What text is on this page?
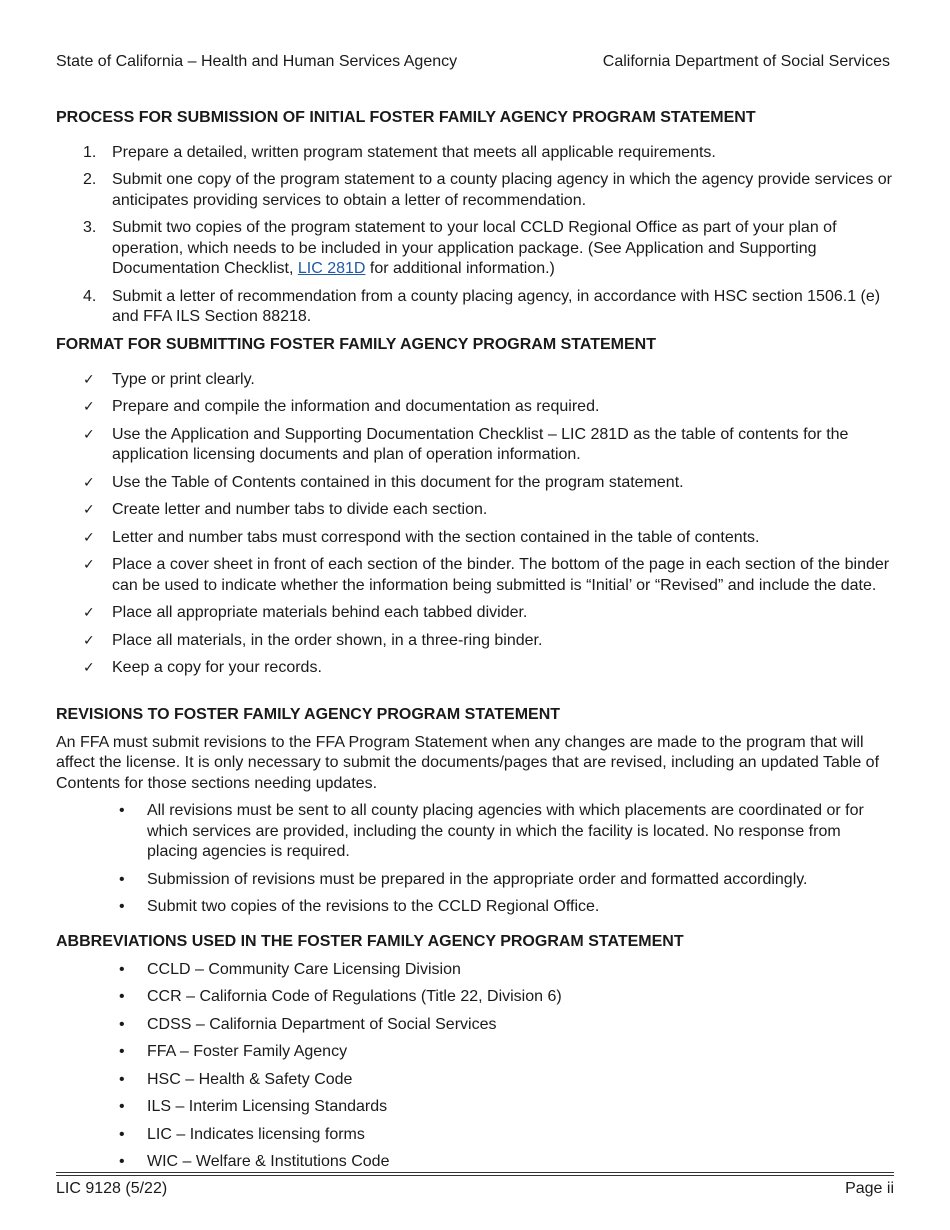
State of California – Health and Human Services Agency	California Department of Social Services
PROCESS FOR SUBMISSION OF INITIAL FOSTER FAMILY AGENCY PROGRAM STATEMENT
1. Prepare a detailed, written program statement that meets all applicable requirements.
2. Submit one copy of the program statement to a county placing agency in which the agency provide services or anticipates providing services to obtain a letter of recommendation.
3. Submit two copies of the program statement to your local CCLD Regional Office as part of your plan of operation, which needs to be included in your application package. (See Application and Supporting Documentation Checklist, LIC 281D for additional information.)
4. Submit a letter of recommendation from a county placing agency, in accordance with HSC section 1506.1 (e) and FFA ILS Section 88218.
FORMAT FOR SUBMITTING FOSTER FAMILY AGENCY PROGRAM STATEMENT
✓ Type or print clearly.
✓ Prepare and compile the information and documentation as required.
✓ Use the Application and Supporting Documentation Checklist – LIC 281D as the table of contents for the application licensing documents and plan of operation information.
✓ Use the Table of Contents contained in this document for the program statement.
✓ Create letter and number tabs to divide each section.
✓ Letter and number tabs must correspond with the section contained in the table of contents.
✓ Place a cover sheet in front of each section of the binder. The bottom of the page in each section of the binder can be used to indicate whether the information being submitted is “Initial’ or “Revised” and include the date.
✓ Place all appropriate materials behind each tabbed divider.
✓ Place all materials, in the order shown, in a three-ring binder.
✓ Keep a copy for your records.
REVISIONS TO FOSTER FAMILY AGENCY PROGRAM STATEMENT

An FFA must submit revisions to the FFA Program Statement when any changes are made to the program that will affect the license. It is only necessary to submit the documents/pages that are revised, including an updated Table of Contents for those sections needing updates.

• All revisions must be sent to all county placing agencies with which placements are coordinated or for which services are provided, including the county in which the facility is located. No response from placing agencies is required.
• Submission of revisions must be prepared in the appropriate order and formatted accordingly.
• Submit two copies of the revisions to the CCLD Regional Office.
ABBREVIATIONS USED IN THE FOSTER FAMILY AGENCY PROGRAM STATEMENT
• CCLD – Community Care Licensing Division
• CCR – California Code of Regulations (Title 22, Division 6)
• CDSS – California Department of Social Services
• FFA – Foster Family Agency
• HSC – Health & Safety Code
• ILS – Interim Licensing Standards
• LIC – Indicates licensing forms
• WIC – Welfare & Institutions Code
LIC 9128 (5/22)	Page ii
